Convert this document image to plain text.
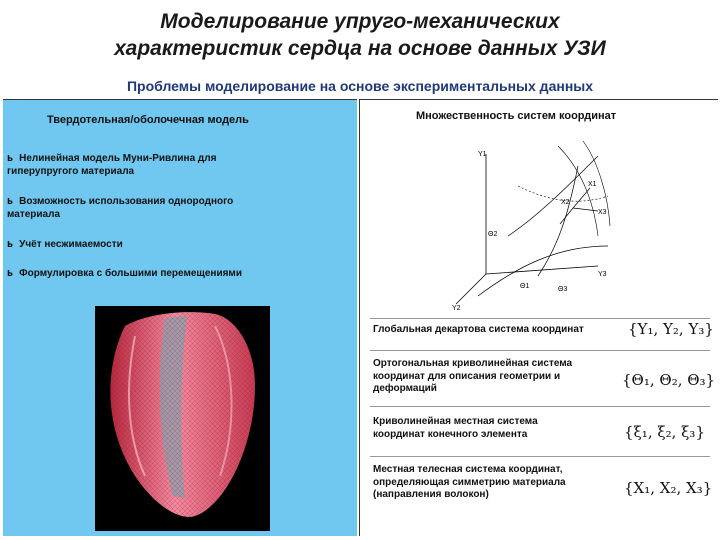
Моделирование упруго-механических
характеристик сердца на основе данных УЗИ
Проблемы моделирование на основе экспериментальных данных
Твердотельная/оболочечная модель
Ь Нелинейная модель Муни-Ривлина для
гиперупругого материала
Ь Возможность использования однородного
материала
Ь Учёт несжимаемости
Ь Формулировка с большими перемещениями
Множественность систем координат
Y1
Y3
Y2
X1
X2
X3
Θ1
Θ2
Θ3
Глобальная декартова система координат	{Y₁, Y₂, Y₃}
Ортогональная криволинейная система
координат для описания геометрии и
деформаций	{Θ₁, Θ₂, Θ₃}
Криволинейная местная система
координат конечного элемента	{ξ₁, ξ₂, ξ₃}
Местная телесная система координат,
определяющая симметрию материала
(направления волокон)	{X₁, X₂, X₃}
